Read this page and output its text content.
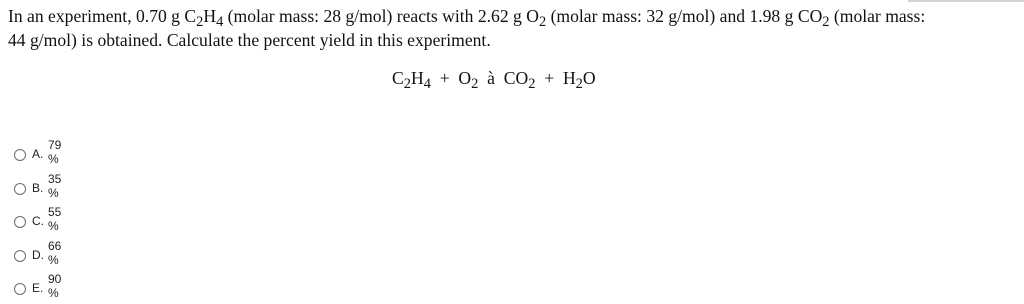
In an experiment, 0.70 g $C_2H_4$ (molar mass: 28 g/mol) reacts with 2.62 g $O_2$ (molar mass: 32 g/mol) and 1.98 g $CO_2$ (molar mass:
44 g/mol) is obtained. Calculate the percent yield in this experiment.
$C_2H_4 + O_2$  à  $CO_2 + H_2O$
A.
79 %
B.
35 %
C.
55 %
D.
66 %
E.
90 %
